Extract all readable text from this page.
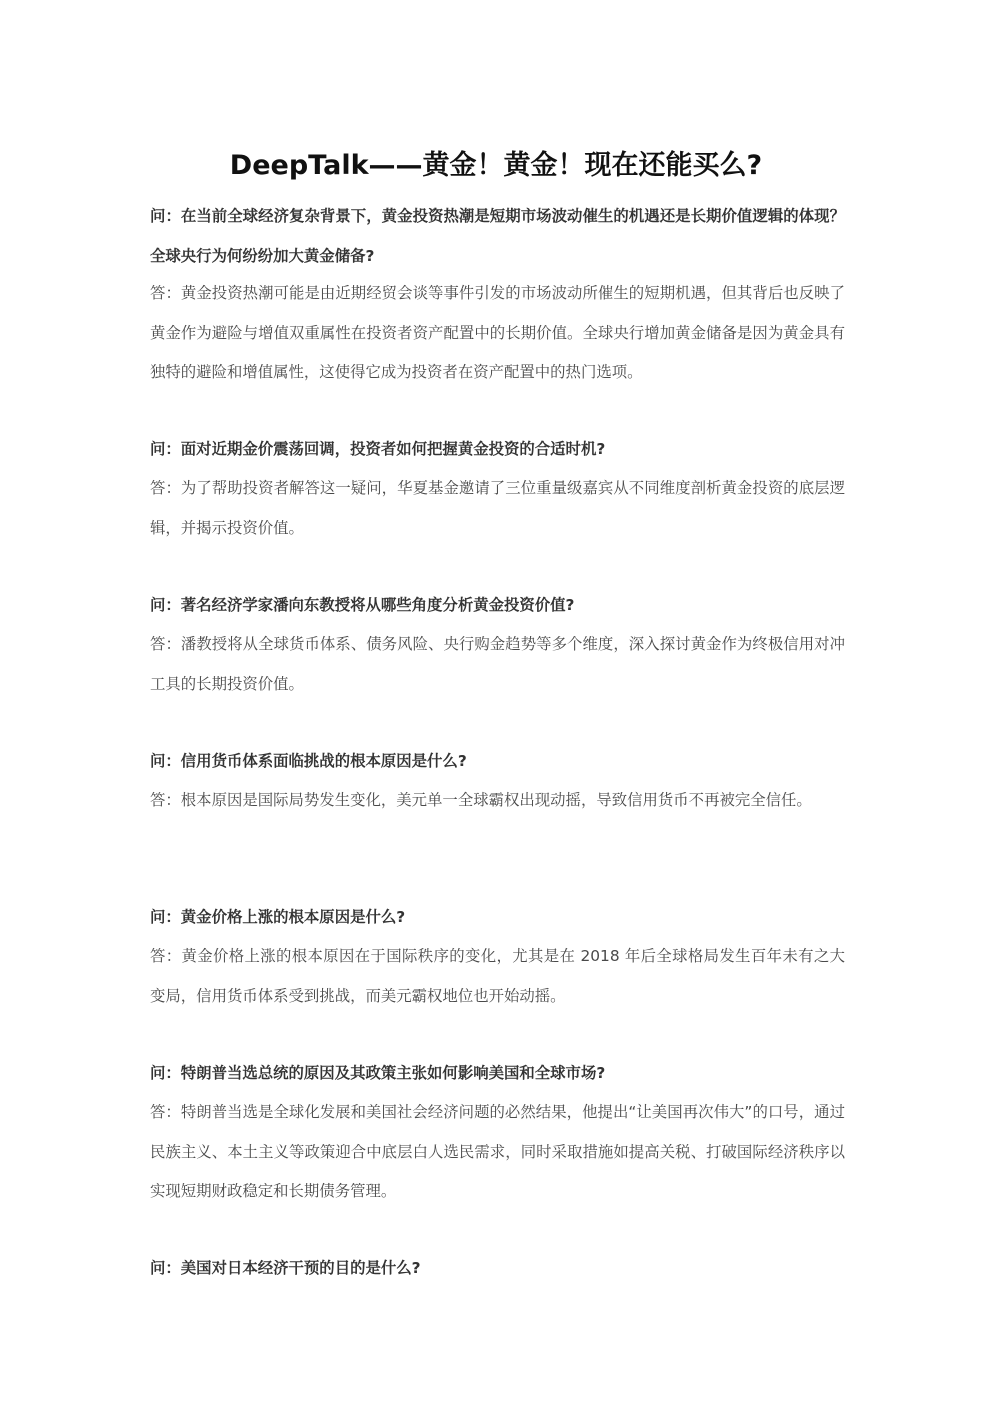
DeepTalk——黄金！黄金！现在还能买么?
问：在当前全球经济复杂背景下，黄金投资热潮是短期市场波动催生的机遇还是长期价值逻辑的体现？全球央行为何纷纷加大黄金储备?
答：黄金投资热潮可能是由近期经贸会谈等事件引发的市场波动所催生的短期机遇，但其背后也反映了黄金作为避险与增值双重属性在投资者资产配置中的长期价值。全球央行增加黄金储备是因为黄金具有独特的避险和增值属性，这使得它成为投资者在资产配置中的热门选项。
问：面对近期金价震荡回调，投资者如何把握黄金投资的合适时机?
答：为了帮助投资者解答这一疑问，华夏基金邀请了三位重量级嘉宾从不同维度剖析黄金投资的底层逻辑，并揭示投资价值。
问：著名经济学家潘向东教授将从哪些角度分析黄金投资价值?
答：潘教授将从全球货币体系、债务风险、央行购金趋势等多个维度，深入探讨黄金作为终极信用对冲工具的长期投资价值。
问：信用货币体系面临挑战的根本原因是什么?
答：根本原因是国际局势发生变化，美元单一全球霸权出现动摇，导致信用货币不再被完全信任。
问：黄金价格上涨的根本原因是什么?
答：黄金价格上涨的根本原因在于国际秩序的变化，尤其是在 2018 年后全球格局发生百年未有之大变局，信用货币体系受到挑战，而美元霸权地位也开始动摇。
问：特朗普当选总统的原因及其政策主张如何影响美国和全球市场?
答：特朗普当选是全球化发展和美国社会经济问题的必然结果，他提出“让美国再次伟大”的口号，通过民族主义、本土主义等政策迎合中底层白人选民需求，同时采取措施如提高关税、打破国际经济秩序以实现短期财政稳定和长期债务管理。
问：美国对日本经济干预的目的是什么?
